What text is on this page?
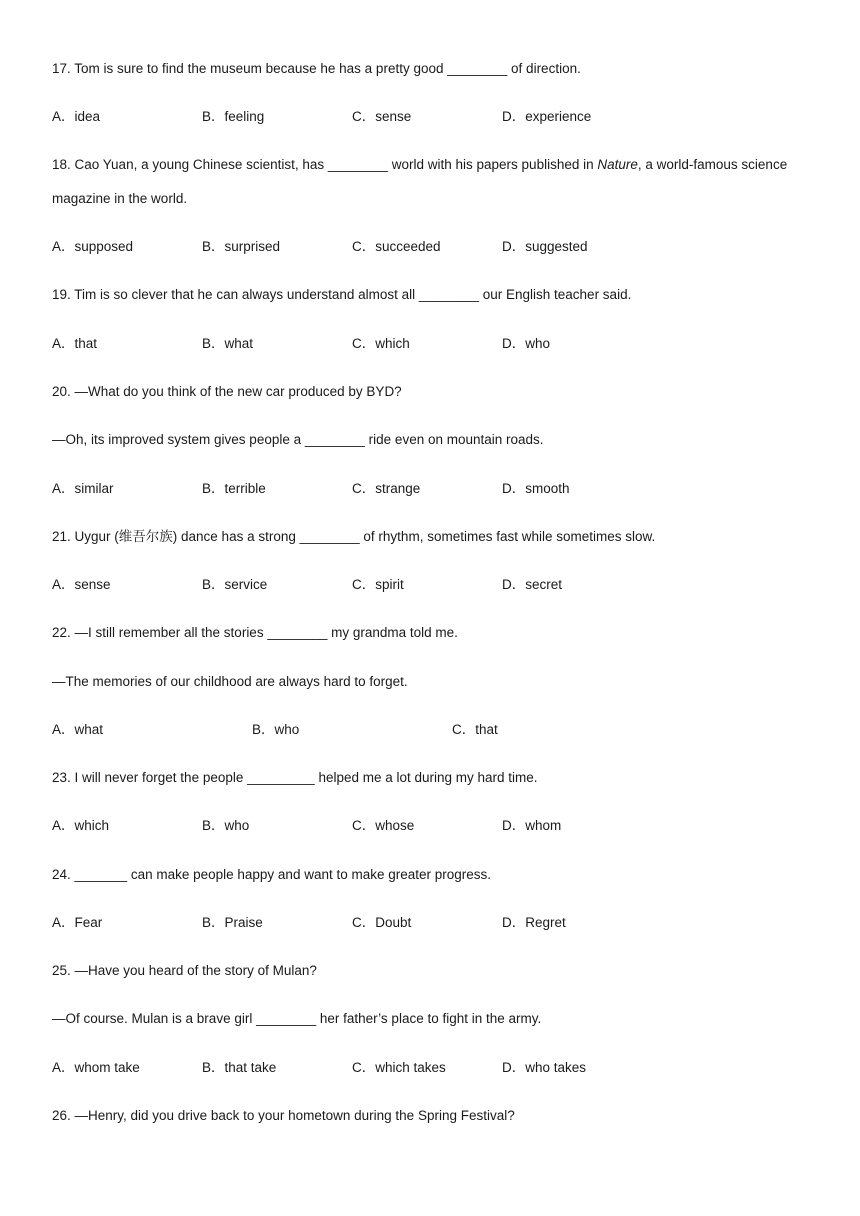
17. Tom is sure to find the museum because he has a pretty good ________ of direction.
A．idea	B．feeling	C．sense	D．experience
18. Cao Yuan, a young Chinese scientist, has ________ world with his papers published in Nature, a world-famous science
magazine in the world.
A．supposed	B．surprised	C．succeeded	D．suggested
19. Tim is so clever that he can always understand almost all ________ our English teacher said.
A．that	B．what	C．which	D．who
20. —What do you think of the new car produced by BYD?
—Oh, its improved system gives people a ________ ride even on mountain roads.
A．similar	B．terrible	C．strange	D．smooth
21. Uygur (维吾尔族) dance has a strong ________ of rhythm, sometimes fast while sometimes slow.
A．sense	B．service	C．spirit	D．secret
22. —I still remember all the stories ________ my grandma told me.
—The memories of our childhood are always hard to forget.
A．what	B．who	C．that
23. I will never forget the people _________ helped me a lot during my hard time.
A．which	B．who	C．whose	D．whom
24. _______ can make people happy and want to make greater progress.
A．Fear	B．Praise	C．Doubt	D．Regret
25. —Have you heard of the story of Mulan?
—Of course. Mulan is a brave girl ________ her father’s place to fight in the army.
A．whom take	B．that take	C．which takes	D．who takes
26. —Henry, did you drive back to your hometown during the Spring Festival?
